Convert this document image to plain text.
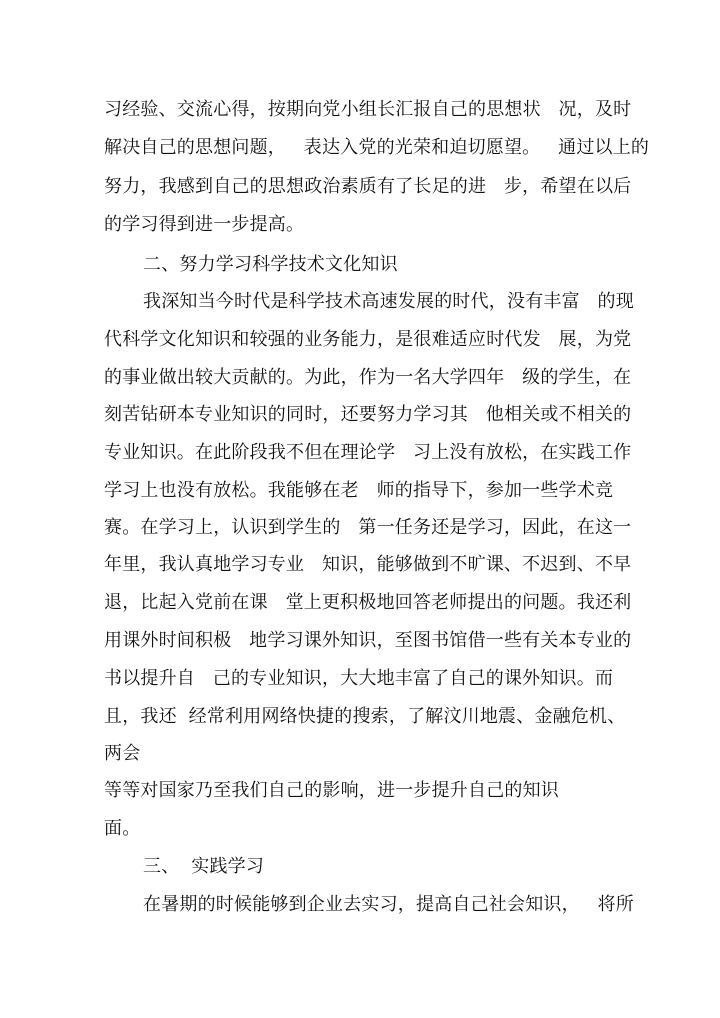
习经验、交流心得，按期向党小组长汇报自己的思想状   况，及时
解决自己的思想问题，   表达入党的光荣和迫切愿望。   通过以上的
努力，我感到自己的思想政治素质有了长足的进   步，希望在以后
的学习得到进一步提高。
二、努力学习科学技术文化知识
我深知当今时代是科学技术高速发展的时代，没有丰富   的现
代科学文化知识和较强的业务能力，是很难适应时代发   展，为党
的事业做出较大贡献的。为此，作为一名大学四年   级的学生，在
刻苦钻研本专业知识的同时，还要努力学习其   他相关或不相关的
专业知识。在此阶段我不但在理论学   习上没有放松，在实践工作
学习上也没有放松。我能够在老   师的指导下，参加一些学术竞
赛。在学习上，认识到学生的   第一任务还是学习，因此，在这一
年里，我认真地学习专业   知识，能够做到不旷课、不迟到、不早
退，比起入党前在课   堂上更积极地回答老师提出的问题。我还利
用课外时间积极   地学习课外知识，至图书馆借一些有关本专业的
书以提升自   己的专业知识，大大地丰富了自己的课外知识。而
且，我还  经常利用网络快捷的搜索，了解汶川地震、金融危机、
两会
等等对国家乃至我们自己的影响，进一步提升自己的知识
面。
三、  实践学习
在暑期的时候能够到企业去实习，提高自己社会知识，   将所
